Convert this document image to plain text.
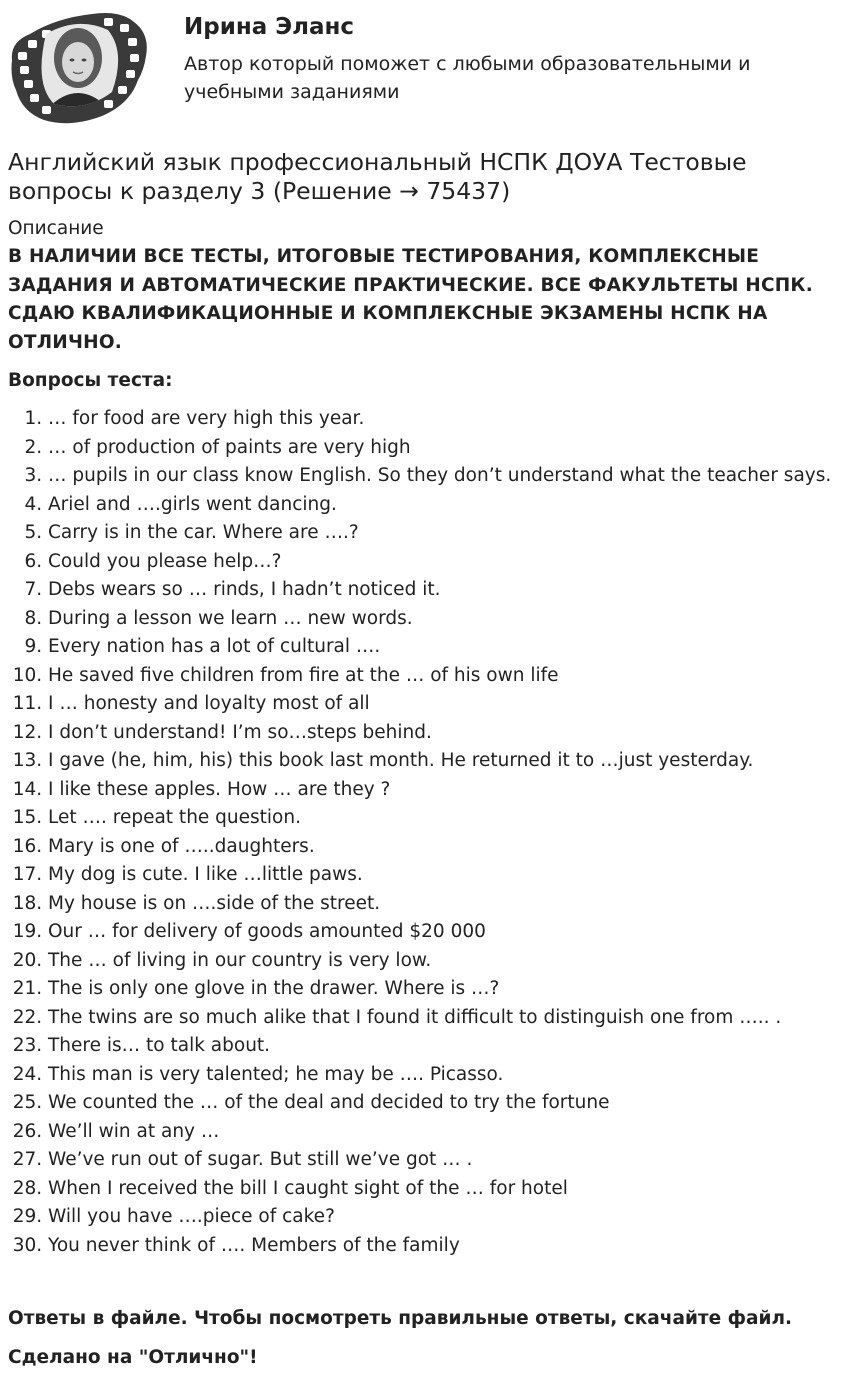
Ирина Эланс

Автор который поможет с любыми образовательными и учебными заданиями

Английский язык профессиональный НСПК ДОУА Тестовые вопросы к разделу 3 (Решение → 75437)

Описание

В НАЛИЧИИ ВСЕ ТЕСТЫ, ИТОГОВЫЕ ТЕСТИРОВАНИЯ, КОМПЛЕКСНЫЕ ЗАДАНИЯ И АВТОМАТИЧЕСКИЕ ПРАКТИЧЕСКИЕ. ВСЕ ФАКУЛЬТЕТЫ НСПК. СДАЮ КВАЛИФИКАЦИОННЫЕ И КОМПЛЕКСНЫЕ ЭКЗАМЕНЫ НСПК НА ОТЛИЧНО.

Вопросы теста:

1. … for food are very high this year.
2. … of production of paints are very high
3. … pupils in our class know English. So they don’t understand what the teacher says.
4. Ariel and ….girls went dancing.
5. Carry is in the car. Where are ….?
6. Could you please help…?
7. Debs wears so … rinds, I hadn’t noticed it.
8. During a lesson we learn … new words.
9. Every nation has a lot of cultural ….
10. He saved five children from fire at the … of his own life
11. I … honesty and loyalty most of all
12. I don’t understand! I’m so…steps behind.
13. I gave (he, him, his) this book last month. He returned it to …just yesterday.
14. I like these apples. How … are they ?
15. Let …. repeat the question.
16. Mary is one of …..daughters.
17. My dog is cute. I like …little paws.
18. My house is on ….side of the street.
19. Our … for delivery of goods amounted $20 000
20. The … of living in our country is very low.
21. The is only one glove in the drawer. Where is …?
22. The twins are so much alike that I found it difficult to distinguish one from ….. .
23. There is… to talk about.
24. This man is very talented; he may be …. Picasso.
25. We counted the … of the deal and decided to try the fortune
26. We’ll win at any …
27. We’ve run out of sugar. But still we’ve got … .
28. When I received the bill I caught sight of the … for hotel
29. Will you have ….piece of cake?
30. You never think of …. Members of the family

Ответы в файле. Чтобы посмотреть правильные ответы, скачайте файл.

Сделано на "Отлично"!
